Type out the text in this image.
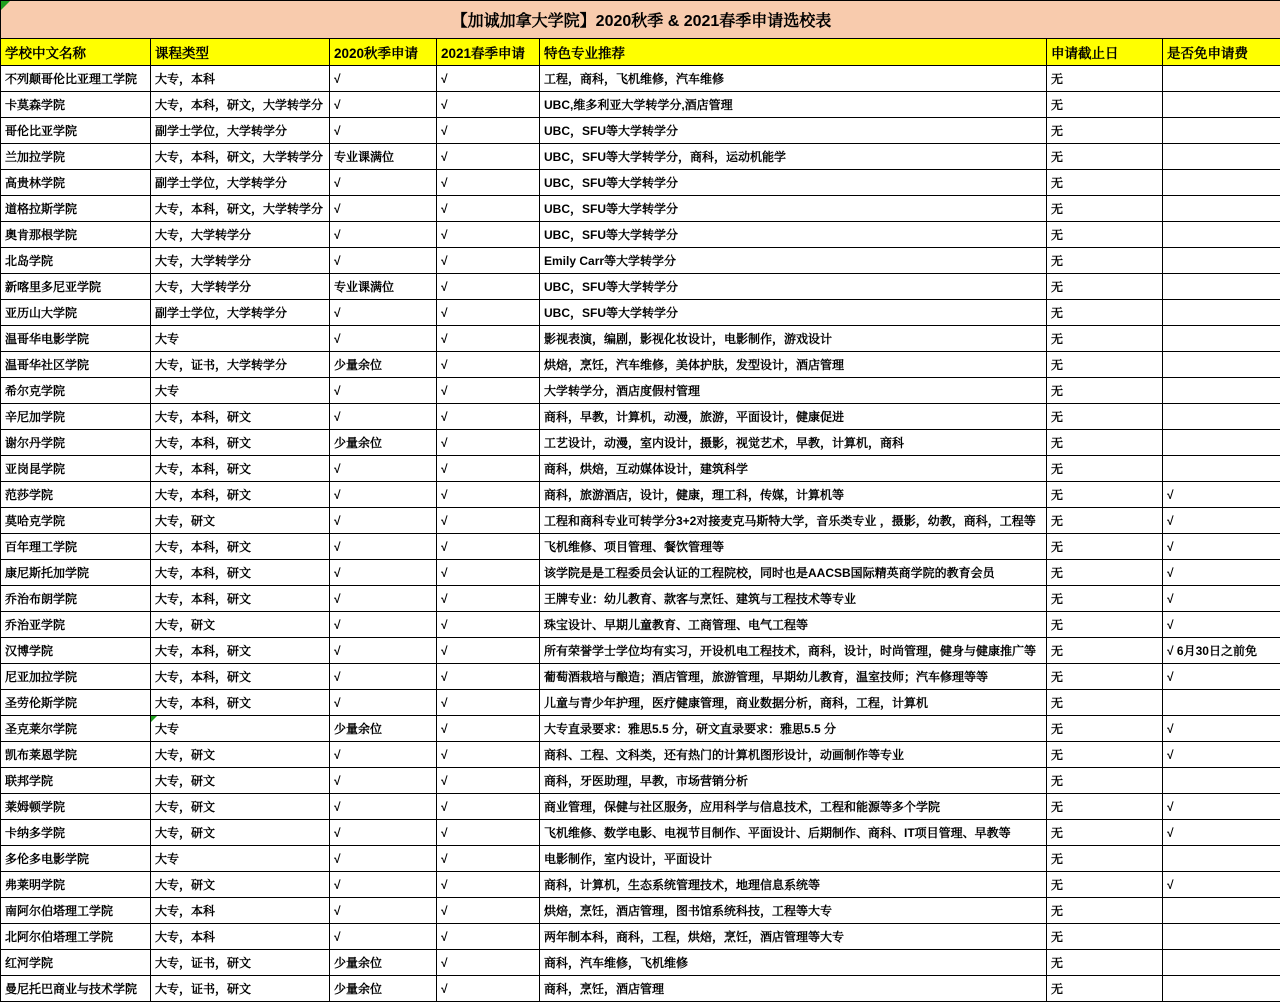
【加诚加拿大学院】2020秋季 & 2021春季申请选校表						
学校中文名称	课程类型	2020秋季申请	2021春季申请	特色专业推荐	申请截止日	是否免申请费
不列颠哥伦比亚理工学院	大专，本科	√	√	工程，商科，飞机维修，汽车维修	无	
卡莫森学院	大专，本科，研文，大学转学分	√	√	UBC,维多利亚大学转学分,酒店管理	无	
哥伦比亚学院	副学士学位，大学转学分	√	√	UBC，SFU等大学转学分	无	
兰加拉学院	大专，本科，研文，大学转学分	专业课满位	√	UBC，SFU等大学转学分，商科，运动机能学	无	
高贵林学院	副学士学位，大学转学分	√	√	UBC，SFU等大学转学分	无	
道格拉斯学院	大专，本科，研文，大学转学分	√	√	UBC，SFU等大学转学分	无	
奥肯那根学院	大专，大学转学分	√	√	UBC，SFU等大学转学分	无	
北岛学院	大专，大学转学分	√	√	Emily Carr等大学转学分	无	
新喀里多尼亚学院	大专，大学转学分	专业课满位	√	UBC，SFU等大学转学分	无	
亚历山大学院	副学士学位，大学转学分	√	√	UBC，SFU等大学转学分	无	
温哥华电影学院	大专	√	√	影视表演，编剧，影视化妆设计，电影制作，游戏设计	无	
温哥华社区学院	大专，证书，大学转学分	少量余位	√	烘焙，烹饪，汽车维修，美体护肤，发型设计，酒店管理	无	
希尔克学院	大专	√	√	大学转学分，酒店度假村管理	无	
辛尼加学院	大专，本科，研文	√	√	商科，早教，计算机，动漫，旅游，平面设计，健康促进	无	
谢尔丹学院	大专，本科，研文	少量余位	√	工艺设计，动漫，室内设计，摄影，视觉艺术，早教，计算机，商科	无	
亚岗昆学院	大专，本科，研文	√	√	商科，烘焙，互动媒体设计，建筑科学	无	
范莎学院	大专，本科，研文	√	√	商科，旅游酒店，设计，健康，理工科，传媒，计算机等	无	√
莫哈克学院	大专，研文	√	√	工程和商科专业可转学分3+2对接麦克马斯特大学，音乐类专业 ，摄影，幼教，商科，工程等	无	√
百年理工学院	大专，本科，研文	√	√	飞机维修、项目管理、餐饮管理等	无	√
康尼斯托加学院	大专，本科，研文	√	√	该学院是是工程委员会认证的工程院校，同时也是AACSB国际精英商学院的教育会员	无	√
乔治布朗学院	大专，本科，研文	√	√	王牌专业：幼儿教育、款客与烹饪、建筑与工程技术等专业	无	√
乔治亚学院	大专，研文	√	√	珠宝设计、早期儿童教育、工商管理、电气工程等	无	√
汉博学院	大专，本科，研文	√	√	所有荣誉学士学位均有实习，开设机电工程技术，商科，设计，时尚管理，健身与健康推广等	无	√ 6月30日之前免
尼亚加拉学院	大专，本科，研文	√	√	葡萄酒栽培与酿造；酒店管理，旅游管理，早期幼儿教育，温室技师；汽车修理等等	无	√
圣劳伦斯学院	大专，本科，研文	√	√	儿童与青少年护理，医疗健康管理，商业数据分析，商科，工程，计算机	无	
圣克莱尔学院	大专	少量余位	√	大专直录要求：雅思5.5 分，研文直录要求：雅思5.5 分	无	√
凯布莱恩学院	大专，研文	√	√	商科、工程、文科类，还有热门的计算机图形设计，动画制作等专业	无	√
联邦学院	大专，研文	√	√	商科，牙医助理，早教，市场营销分析	无	
莱姆顿学院	大专，研文	√	√	商业管理，保健与社区服务，应用科学与信息技术，工程和能源等多个学院	无	√
卡纳多学院	大专，研文	√	√	飞机维修、数学电影、电视节目制作、平面设计、后期制作、商科、IT项目管理、早教等	无	√
多伦多电影学院	大专	√	√	电影制作，室内设计，平面设计	无	
弗莱明学院	大专，研文	√	√	商科，计算机，生态系统管理技术，地理信息系统等	无	√
南阿尔伯塔理工学院	大专，本科	√	√	烘焙，烹饪，酒店管理，图书馆系统科技，工程等大专	无	
北阿尔伯塔理工学院	大专，本科	√	√	两年制本科，商科，工程，烘焙，烹饪，酒店管理等大专	无	
红河学院	大专，证书，研文	少量余位	√	商科，汽车维修，飞机维修	无	
曼尼托巴商业与技术学院	大专，证书，研文	少量余位	√	商科，烹饪，酒店管理	无	
